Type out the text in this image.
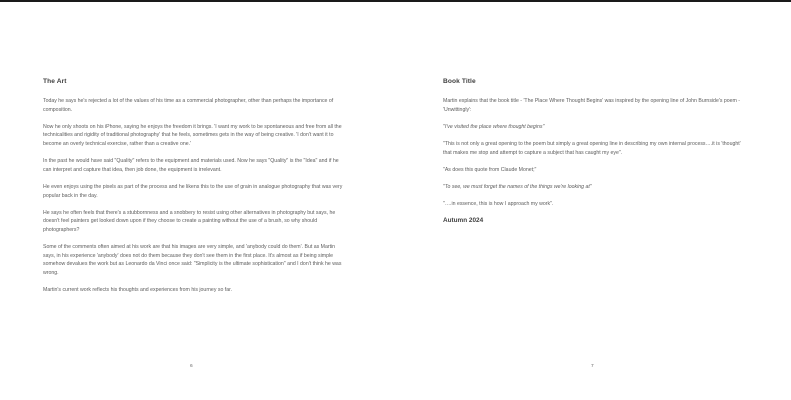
The Art

Today he says he's rejected a lot of the values of his time as a commercial photographer, other than perhaps the importance of composition.

Now he only shoots on his iPhone, saying he enjoys the freedom it brings. 'I want my work to be spontaneous and free from all the technicalities and rigidity of traditional photography' that he feels, sometimes gets in the way of being creative. 'I don't want it to become an overly technical exercise, rather than a creative one.'

In the past he would have said "Quality" refers to the equipment and materials used. Now he says "Quality" is the "Idea" and if he can interpret and capture that idea, then job done, the equipment is irrelevant.

He even enjoys using the pixels as part of the process and he likens this to the use of grain in analogue photography that was very popular back in the day.

He says he often feels that there's a stubbornness and a snobbery to resist using other alternatives in photography but says, he doesn't feel painters get looked down upon if they choose to create a painting without the use of a brush, so why should photographers?

Some of the comments often aimed at his work are that his images are very simple, and 'anybody could do them'. But as Martin says, in his experience 'anybody' does not do them because they don't see them in the first place. It's almost as if being simple somehow devalues the work but as Leonardo da Vinci once said: "Simplicity is the ultimate sophistication" and I don't think he was wrong.

Martin's current work reflects his thoughts and experiences from his journey so far.

Book Title

Martin explains that the book title - 'The Place Where Thought Begins' was inspired by the opening line of John Burnside's poem - 'Unwittingly':

"I've visited the place where thought begins"

"This is not only a great opening to the poem but simply a great opening line in describing my own internal process….it is 'thought' that makes me stop and attempt to capture a subject that has caught my eye".

"As does this quote from Claude Monet;"

"To see, we must forget the names of the things we're looking at"

"….in essence, this is how I approach my work".

Autumn 2024
6	7
